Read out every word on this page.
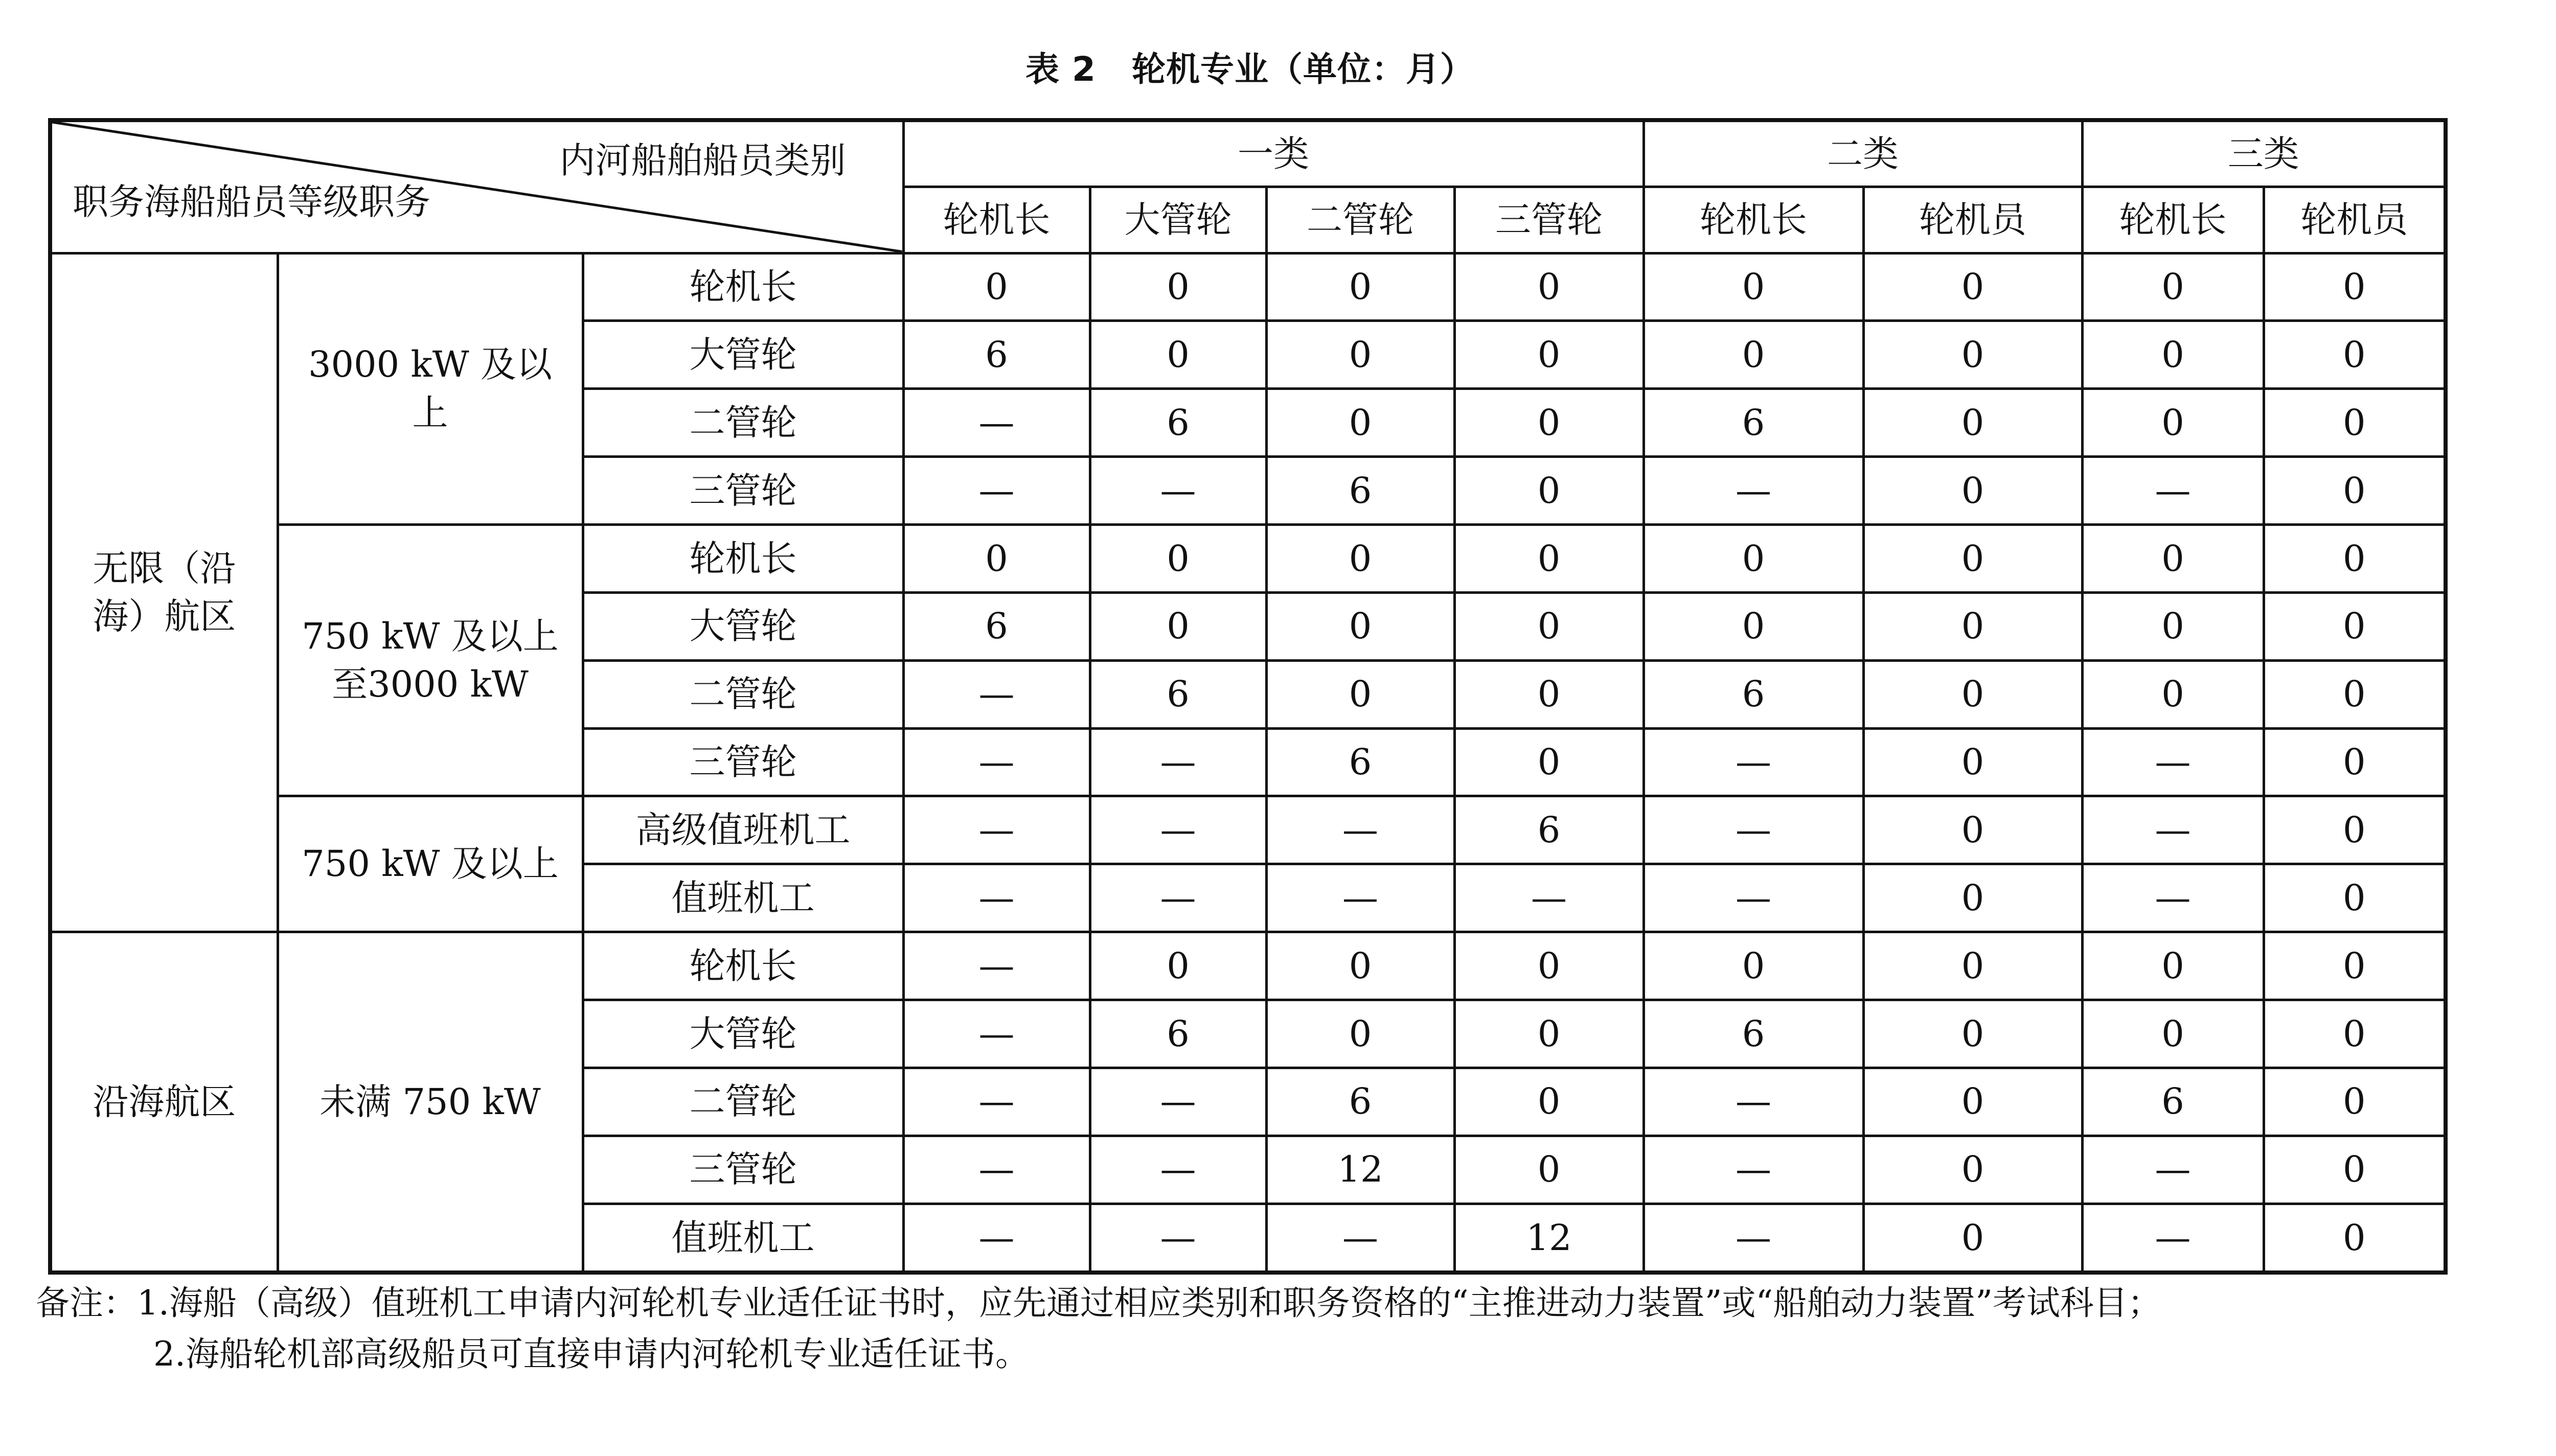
表 2 轮机专业（单位：月）
内河船舶船员类别
职务海船船员等级职务			一类				二类		三类	
			轮机长	大管轮	二管轮	三管轮	轮机长	轮机员	轮机长	轮机员
无限（沿海）航区	3000 kW 及以上	轮机长	0	0	0	0	0	0	0	0
		大管轮	6	0	0	0	0	0	0	0
		二管轮	—	6	0	0	6	0	0	0
		三管轮	—	—	6	0	—	0	—	0
	750 kW 及以上至3000 kW	轮机长	0	0	0	0	0	0	0	0
		大管轮	6	0	0	0	0	0	0	0
		二管轮	—	6	0	0	6	0	0	0
		三管轮	—	—	6	0	—	0	—	0
	750 kW 及以上	高级值班机工	—	—	—	6	—	0	—	0
		值班机工	—	—	—	—	—	0	—	0
沿海航区	未满 750 kW	轮机长	—	0	0	0	0	0	0	0
		大管轮	—	6	0	0	6	0	0	0
		二管轮	—	—	6	0	—	0	6	0
		三管轮	—	—	12	0	—	0	—	0
		值班机工	—	—	—	12	—	0	—	0
备注：1.海船（高级）值班机工申请内河轮机专业适任证书时，应先通过相应类别和职务资格的“主推进动力装置”或“船舶动力装置”考试科目；
2.海船轮机部高级船员可直接申请内河轮机专业适任证书。
